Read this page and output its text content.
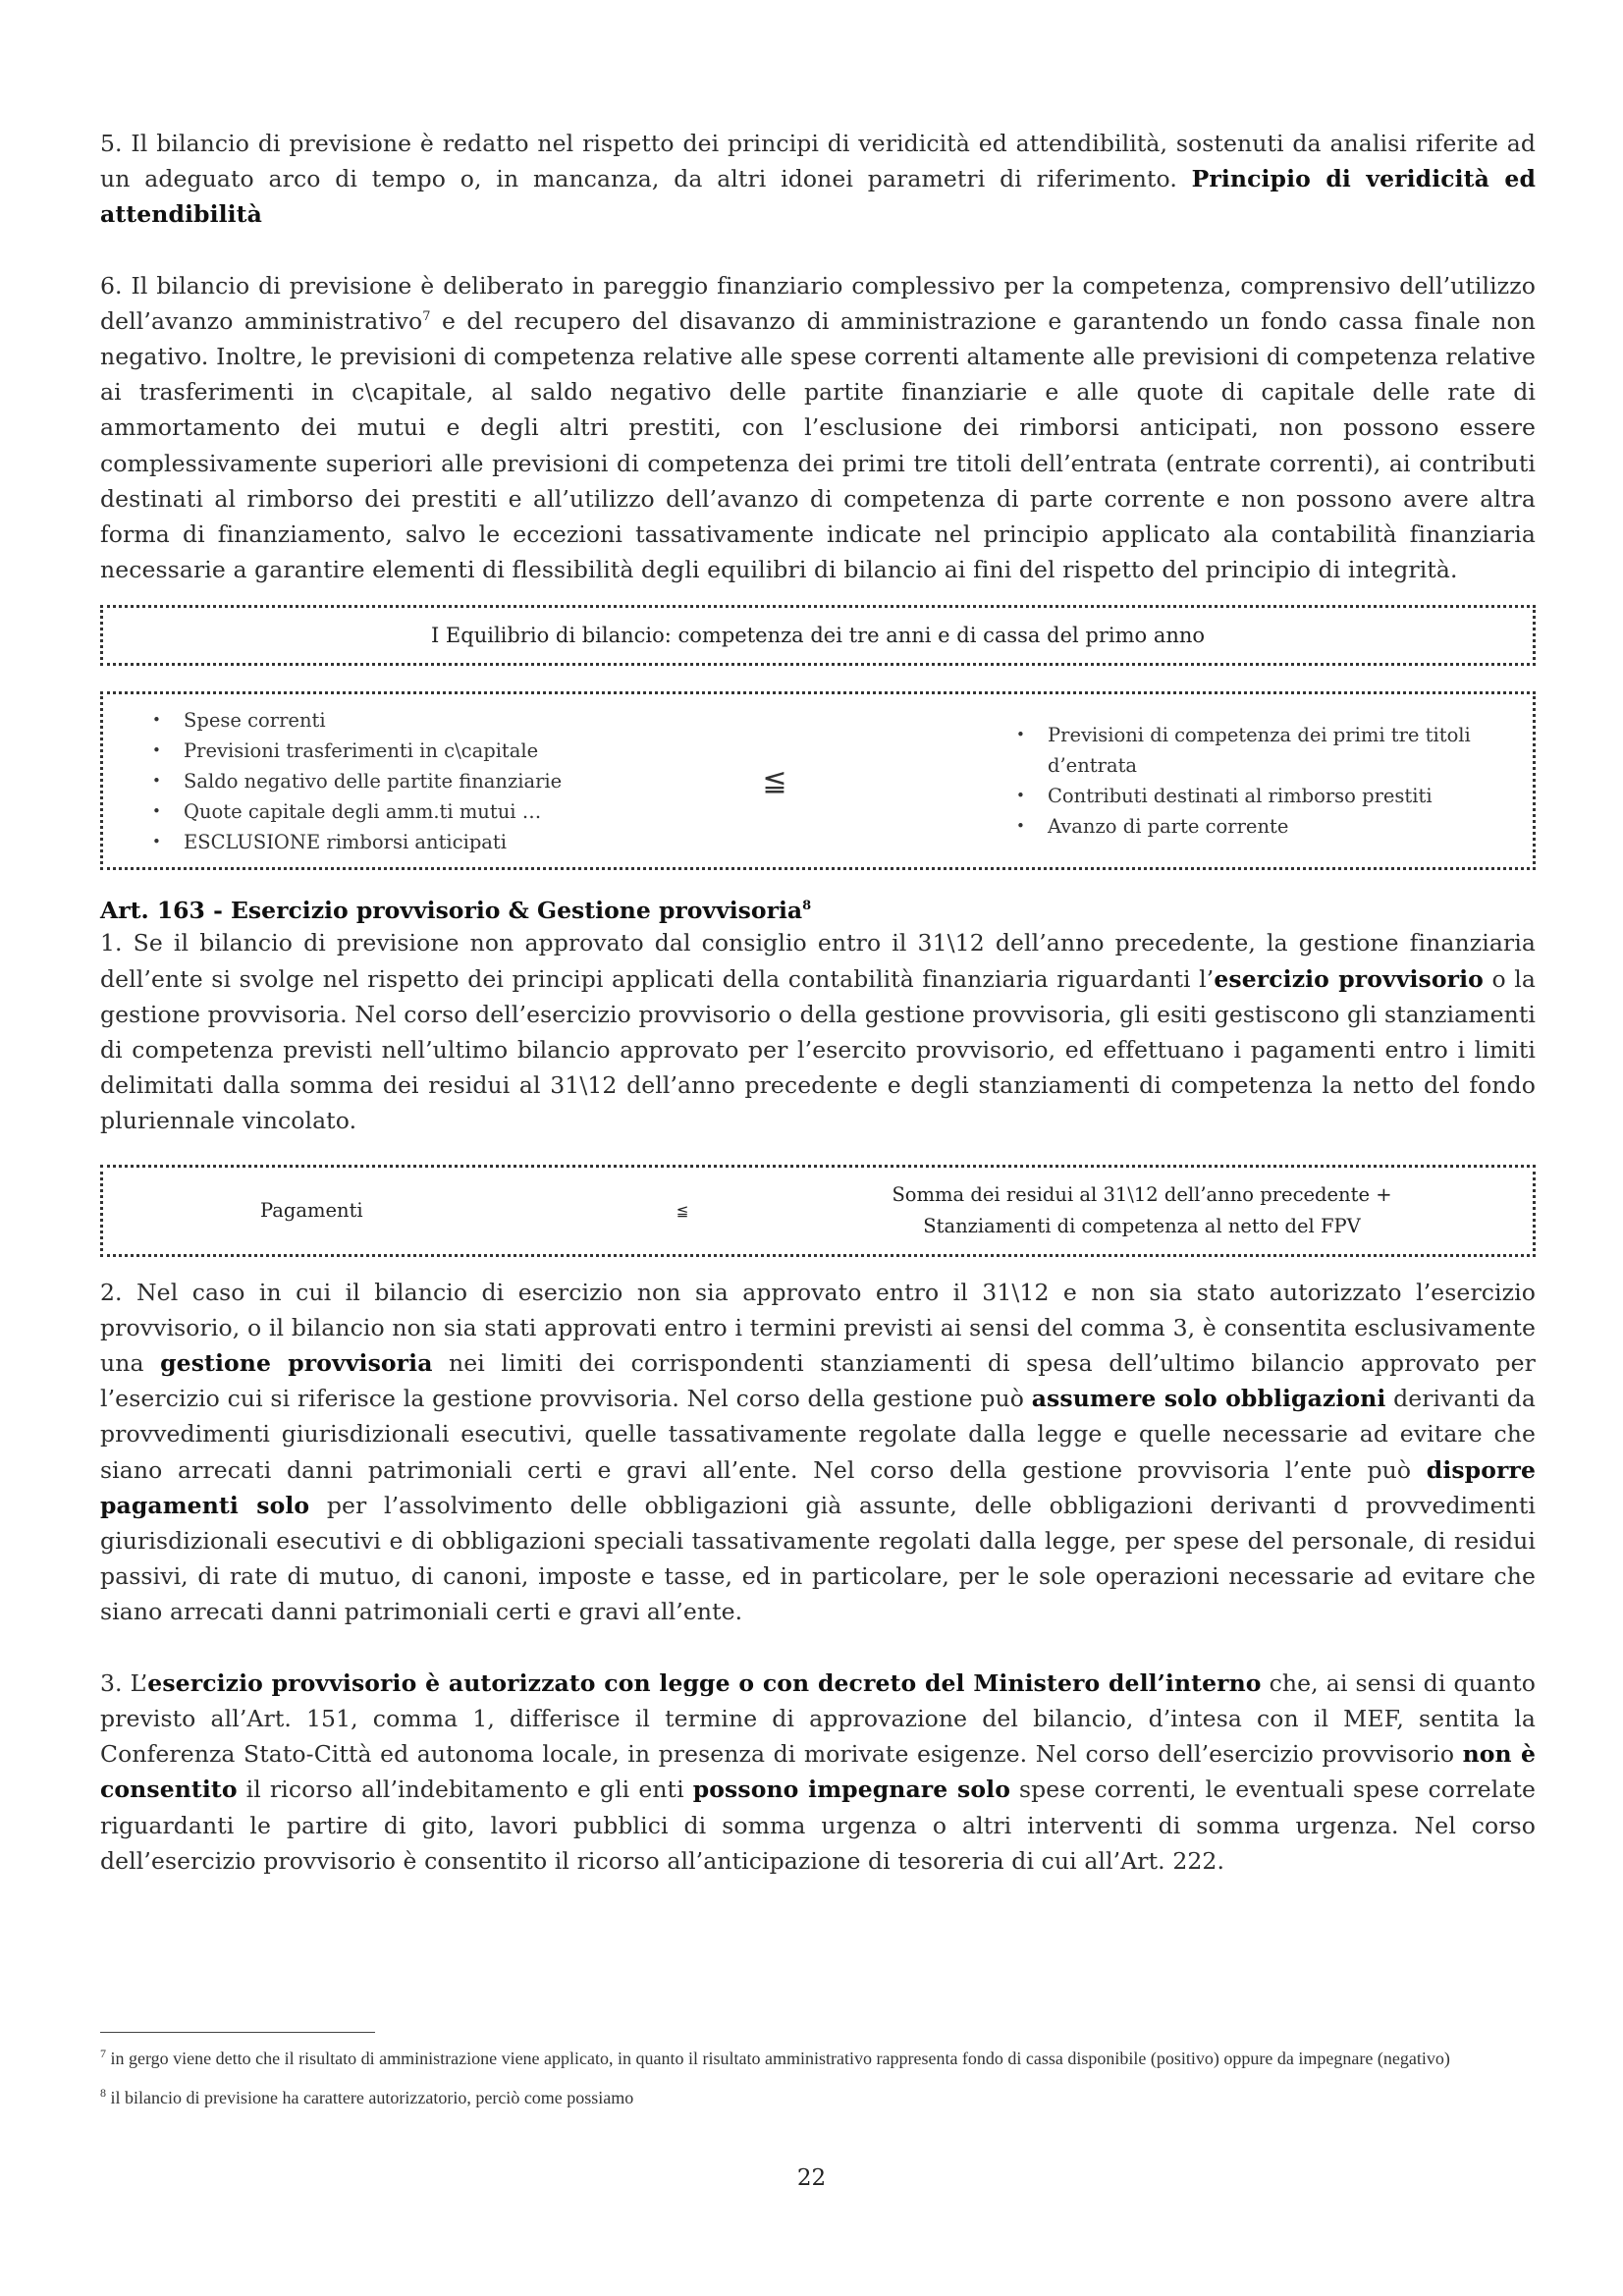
5. Il bilancio di previsione è redatto nel rispetto dei principi di veridicità ed attendibilità, sostenuti da analisi riferite ad un adeguato arco di tempo o, in mancanza, da altri idonei parametri di riferimento. Principio di veridicità ed attendibilità

6. Il bilancio di previsione è deliberato in pareggio finanziario complessivo per la competenza, comprensivo dell’utilizzo dell’avanzo amministrativo$^7$ e del recupero del disavanzo di amministrazione e garantendo un fondo cassa finale non negativo. Inoltre, le previsioni di competenza relative alle spese correnti altamente alle previsioni di competenza relative ai trasferimenti in c\capitale, al saldo negativo delle partite finanziarie e alle quote di capitale delle rate di ammortamento dei mutui e degli altri prestiti, con l’esclusione dei rimborsi anticipati, non possono essere complessivamente superiori alle previsioni di competenza dei primi tre titoli dell’entrata (entrate correnti), ai contributi destinati al rimborso dei prestiti e all’utilizzo dell’avanzo di competenza di parte corrente e non possono avere altra forma di finanziamento, salvo le eccezioni tassativamente indicate nel principio applicato ala contabilità finanziaria necessarie a garantire elementi di flessibilità degli equilibri di bilancio ai fini del rispetto del principio di integrità.

I Equilibrio di bilancio: competenza dei tre anni e di cassa del primo anno
• Spese correnti
• Previsioni trasferimenti in c\capitale
• Saldo negativo delle partite finanziarie
• Quote capitale degli amm.ti mutui …
• ESCLUSIONE rimborsi anticipati
≦
• Previsioni di competenza dei primi tre titoli d’entrata
• Contributi destinati al rimborso prestiti
• Avanzo di parte corrente
Art. 163 - Esercizio provvisorio & Gestione provvisoria$^8$

1. Se il bilancio di previsione non approvato dal consiglio entro il 31\12 dell’anno precedente, la gestione finanziaria dell’ente si svolge nel rispetto dei principi applicati della contabilità finanziaria riguardanti l’esercizio provvisorio o la gestione provvisoria. Nel corso dell’esercizio provvisorio o della gestione provvisoria, gli esiti gestiscono gli stanziamenti di competenza previsti nell’ultimo bilancio approvato per l’esercito provvisorio, ed effettuano i pagamenti entro i limiti delimitati dalla somma dei residui al 31\12 dell’anno precedente e degli stanziamenti di competenza la netto del fondo pluriennale vincolato.

Pagamenti	≦
Somma dei residui al 31\12 dell’anno precedente +
Stanziamenti di competenza al netto del FPV

2. Nel caso in cui il bilancio di esercizio non sia approvato entro il 31\12 e non sia stato autorizzato l’esercizio provvisorio, o il bilancio non sia stati approvati entro i termini previsti ai sensi del comma 3, è consentita esclusivamente una gestione provvisoria nei limiti dei corrispondenti stanziamenti di spesa dell’ultimo bilancio approvato per l’esercizio cui si riferisce la gestione provvisoria. Nel corso della gestione può assumere solo obbligazioni derivanti da provvedimenti giurisdizionali esecutivi, quelle tassativamente regolate dalla legge e quelle necessarie ad evitare che siano arrecati danni patrimoniali certi e gravi all’ente. Nel corso della gestione provvisoria l’ente può disporre pagamenti solo per l’assolvimento delle obbligazioni già assunte, delle obbligazioni derivanti d provvedimenti giurisdizionali esecutivi e di obbligazioni speciali tassativamente regolati dalla legge, per spese del personale, di residui passivi, di rate di mutuo, di canoni, imposte e tasse, ed in particolare, per le sole operazioni necessarie ad evitare che siano arrecati danni patrimoniali certi e gravi all’ente.

3. L’esercizio provvisorio è autorizzato con legge o con decreto del Ministero dell’interno che, ai sensi di quanto previsto all’Art. 151, comma 1, differisce il termine di approvazione del bilancio, d’intesa con il MEF, sentita la Conferenza Stato-Città ed autonoma locale, in presenza di morivate esigenze. Nel corso dell’esercizio provvisorio non è consentito il ricorso all’indebitamento e gli enti possono impegnare solo spese correnti, le eventuali spese correlate riguardanti le partire di gito, lavori pubblici di somma urgenza o altri interventi di somma urgenza. Nel corso dell’esercizio provvisorio è consentito il ricorso all’anticipazione di tesoreria di cui all’Art. 222.

$^7$ in gergo viene detto che il risultato di amministrazione viene applicato, in quanto il risultato amministrativo rappresenta fondo di cassa disponibile (positivo) oppure da impegnare (negativo)

$^8$ il bilancio di previsione ha carattere autorizzatorio, perciò come possiamo

22
